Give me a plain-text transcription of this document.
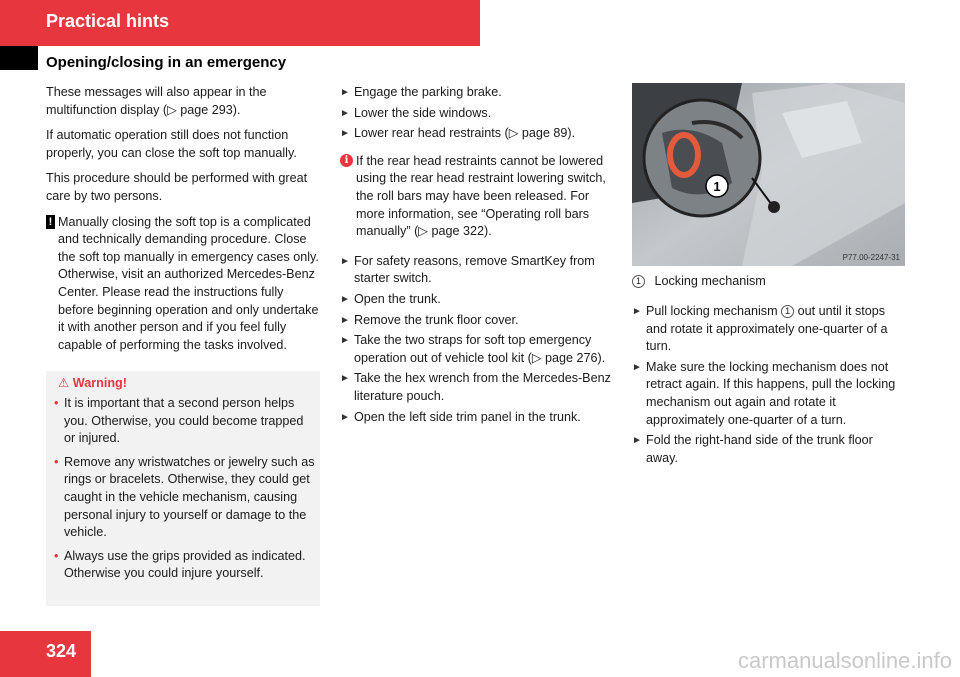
Practical hints
Opening/closing in an emergency

These messages will also appear in the multifunction display (▷ page 293).

If automatic operation still does not function properly, you can close the soft top manually.

This procedure should be performed with great care by two persons.

! Manually closing the soft top is a complicated and technically demanding procedure. Close the soft top manually in emergency cases only. Otherwise, visit an authorized Mercedes-Benz Center. Please read the instructions fully before beginning operation and only undertake it with another person and if you feel fully capable of performing the tasks involved.
⚠ Warning!
• It is important that a second person helps you. Otherwise, you could become trapped or injured.
• Remove any wristwatches or jewelry such as rings or bracelets. Otherwise, they could get caught in the vehicle mechanism, causing personal injury to yourself or damage to the vehicle.
• Always use the grips provided as indicated. Otherwise you could injure yourself.
► Engage the parking brake.
► Lower the side windows.
► Lower rear head restraints (▷ page 89).
i If the rear head restraints cannot be lowered using the rear head restraint lowering switch, the roll bars may have been released. For more information, see “Operating roll bars manually” (▷ page 322).
► For safety reasons, remove SmartKey from starter switch.
► Open the trunk.
► Remove the trunk floor cover.
► Take the two straps for soft top emergency operation out of vehicle tool kit (▷ page 276).
► Take the hex wrench from the Mercedes-Benz literature pouch.
► Open the left side trim panel in the trunk.
1
P77.00-2247-31
1 Locking mechanism
► Pull locking mechanism 1 out until it stops and rotate it approximately one-quarter of a turn.
► Make sure the locking mechanism does not retract again. If this happens, pull the locking mechanism out again and rotate it approximately one-quarter of a turn.
► Fold the right-hand side of the trunk floor away.
324	carmanualsonline.info
